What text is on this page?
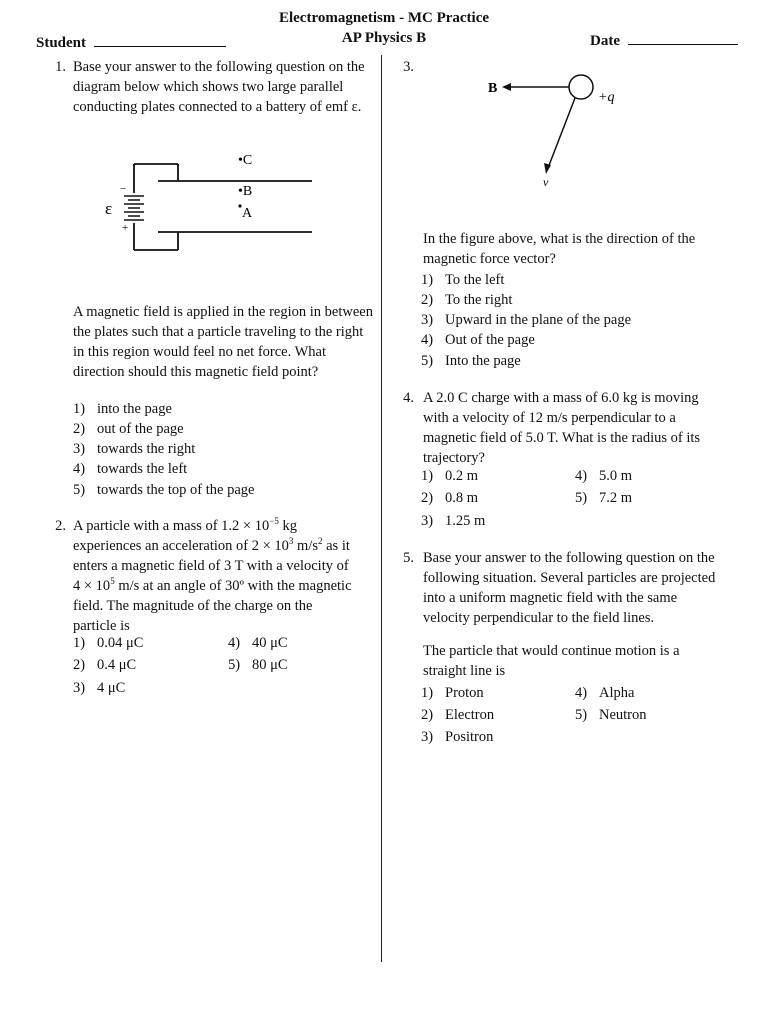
Electromagnetism - MC Practice
AP Physics B
Student	Date
1. Base your answer to the following question on the diagram below which shows two large parallel conducting plates connected to a battery of emf ε.
−
+
ε
•C
•B
A
A magnetic field is applied in the region in between the plates such that a particle traveling to the right in this region would feel no net force. What direction should this magnetic field point?
1) into the page
2) out of the page
3) towards the right
4) towards the left
5) towards the top of the page
2. A particle with a mass of $1.2 \times 10^{-5}$ kg
experiences an acceleration of $2 \times 10^3$ $m/s^2$ as it
enters a magnetic field of 3 T with a velocity of
$4 \times 10^5$ m/s at an angle of 30º with the magnetic
field. The magnitude of the charge on the
particle is
1) 0.04 μC
2) 0.4 μC
3) 4 μC
4) 40 μC
5) 80 μC
3.
B
+q
v
In the figure above, what is the direction of the magnetic force vector?
1) To the left
2) To the right
3) Upward in the plane of the page
4) Out of the page
5) Into the page
4. A 2.0 C charge with a mass of 6.0 kg is moving with a velocity of 12 m/s perpendicular to a magnetic field of 5.0 T. What is the radius of its trajectory?
1) 0.2 m
2) 0.8 m
3) 1.25 m
4) 5.0 m
5) 7.2 m
5. Base your answer to the following question on the following situation. Several particles are projected into a uniform magnetic field with the same velocity perpendicular to the field lines.
The particle that would continue motion is a straight line is
1) Proton
2) Electron
3) Positron
4) Alpha
5) Neutron
